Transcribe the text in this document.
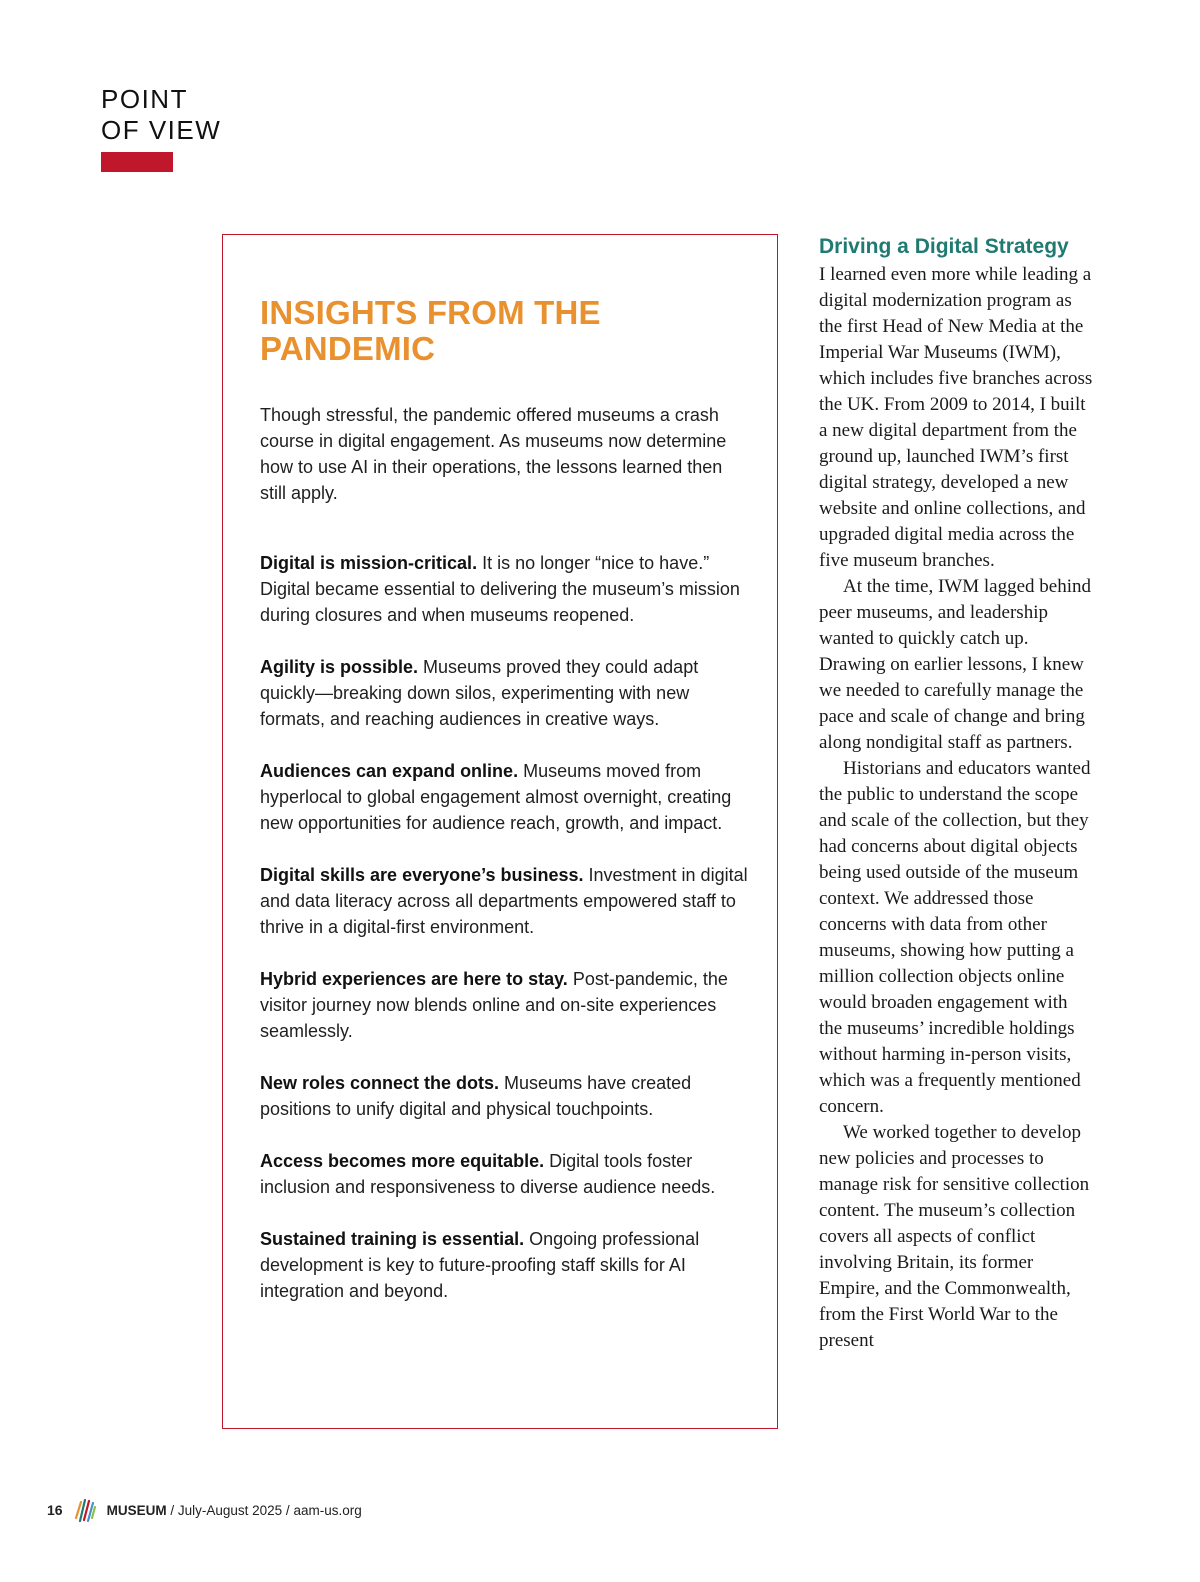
POINT
OF VIEW
INSIGHTS FROM THE PANDEMIC

Though stressful, the pandemic offered museums a crash course in digital engagement. As museums now determine how to use AI in their operations, the lessons learned then still apply.

Digital is mission-critical. It is no longer “nice to have.” Digital became essential to delivering the museum’s mission during closures and when museums reopened.

Agility is possible. Museums proved they could adapt quickly—breaking down silos, experimenting with new formats, and reaching audiences in creative ways.

Audiences can expand online. Museums moved from hyperlocal to global engagement almost overnight, creating new opportunities for audience reach, growth, and impact.

Digital skills are everyone’s business. Investment in digital and data literacy across all departments empowered staff to thrive in a digital-first environment.

Hybrid experiences are here to stay. Post-pandemic, the visitor journey now blends online and on-site experiences seamlessly.

New roles connect the dots. Museums have created positions to unify digital and physical touchpoints.

Access becomes more equitable. Digital tools foster inclusion and responsiveness to diverse audience needs.

Sustained training is essential. Ongoing professional development is key to future-proofing staff skills for AI integration and beyond.

Driving a Digital Strategy

I learned even more while leading a digital modernization program as the first Head of New Media at the Imperial War Museums (IWM), which includes five branches across the UK. From 2009 to 2014, I built a new digital department from the ground up, launched IWM’s first digital strategy, developed a new website and online collections, and upgraded digital media across the five museum branches.

At the time, IWM lagged behind peer museums, and leadership wanted to quickly catch up. Drawing on earlier lessons, I knew we needed to carefully manage the pace and scale of change and bring along nondigital staff as partners.

Historians and educators wanted the public to understand the scope and scale of the collection, but they had concerns about digital objects being used outside of the museum context. We addressed those concerns with data from other museums, showing how putting a million collection objects online would broaden engagement with the museums’ incredible holdings without harming in-person visits, which was a frequently mentioned concern.

We worked together to develop new policies and processes to manage risk for sensitive collection content. The museum’s collection covers all aspects of conflict involving Britain, its former Empire, and the Commonwealth, from the First World War to the present

16	MUSEUM / July-August 2025 / aam-us.org
